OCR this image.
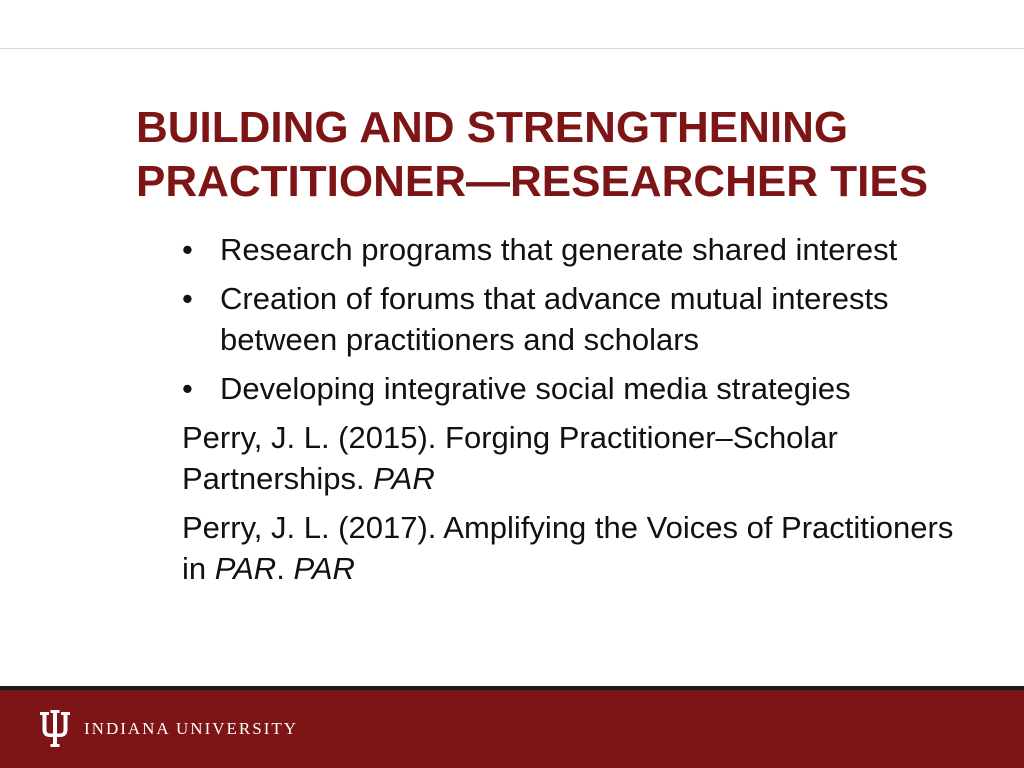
BUILDING AND STRENGTHENING
PRACTITIONER—RESEARCHER TIES
• Research programs that generate shared interest
• Creation of forums that advance mutual interests between practitioners and scholars
• Developing integrative social media strategies

Perry, J. L. (2015). Forging Practitioner–Scholar Partnerships. PAR

Perry, J. L. (2017). Amplifying the Voices of Practitioners in PAR. PAR

INDIANA UNIVERSITY
